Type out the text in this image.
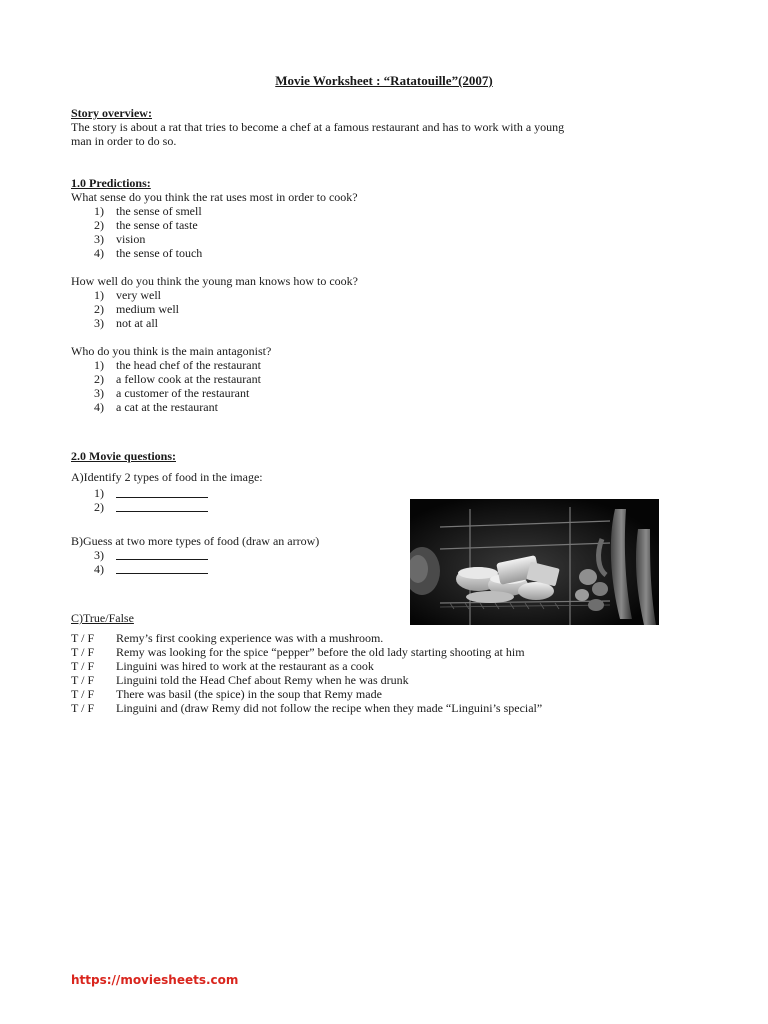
Movie Worksheet : “Ratatouille”(2007)
Story overview:
The story is about a rat that tries to become a chef at a famous restaurant and has to work with a young
man in order to do so.
1.0 Predictions:
What sense do you think the rat uses most in order to cook?
1) the sense of smell
2) the sense of taste
3) vision
4) the sense of touch
How well do you think the young man knows how to cook?
1) very well
2) medium well
3) not at all
Who do you think is the main antagonist?
1) the head chef of the restaurant
2) a fellow cook at the restaurant
3) a customer of the restaurant
4) a cat at the restaurant
2.0 Movie questions:
A)Identify 2 types of food in the image:
1)
2)
B)Guess at two more types of food (draw an arrow)
3)
4)
C)True/False
T / F Remy’s first cooking experience was with a mushroom.
T / F Remy was looking for the spice “pepper” before the old lady starting shooting at him
T / F Linguini was hired to work at the restaurant as a cook
T / F Linguini told the Head Chef about Remy when he was drunk
T / F There was basil (the spice) in the soup that Remy made
T / F Linguini and (draw Remy did not follow the recipe when they made “Linguini’s special”
https://moviesheets.com
